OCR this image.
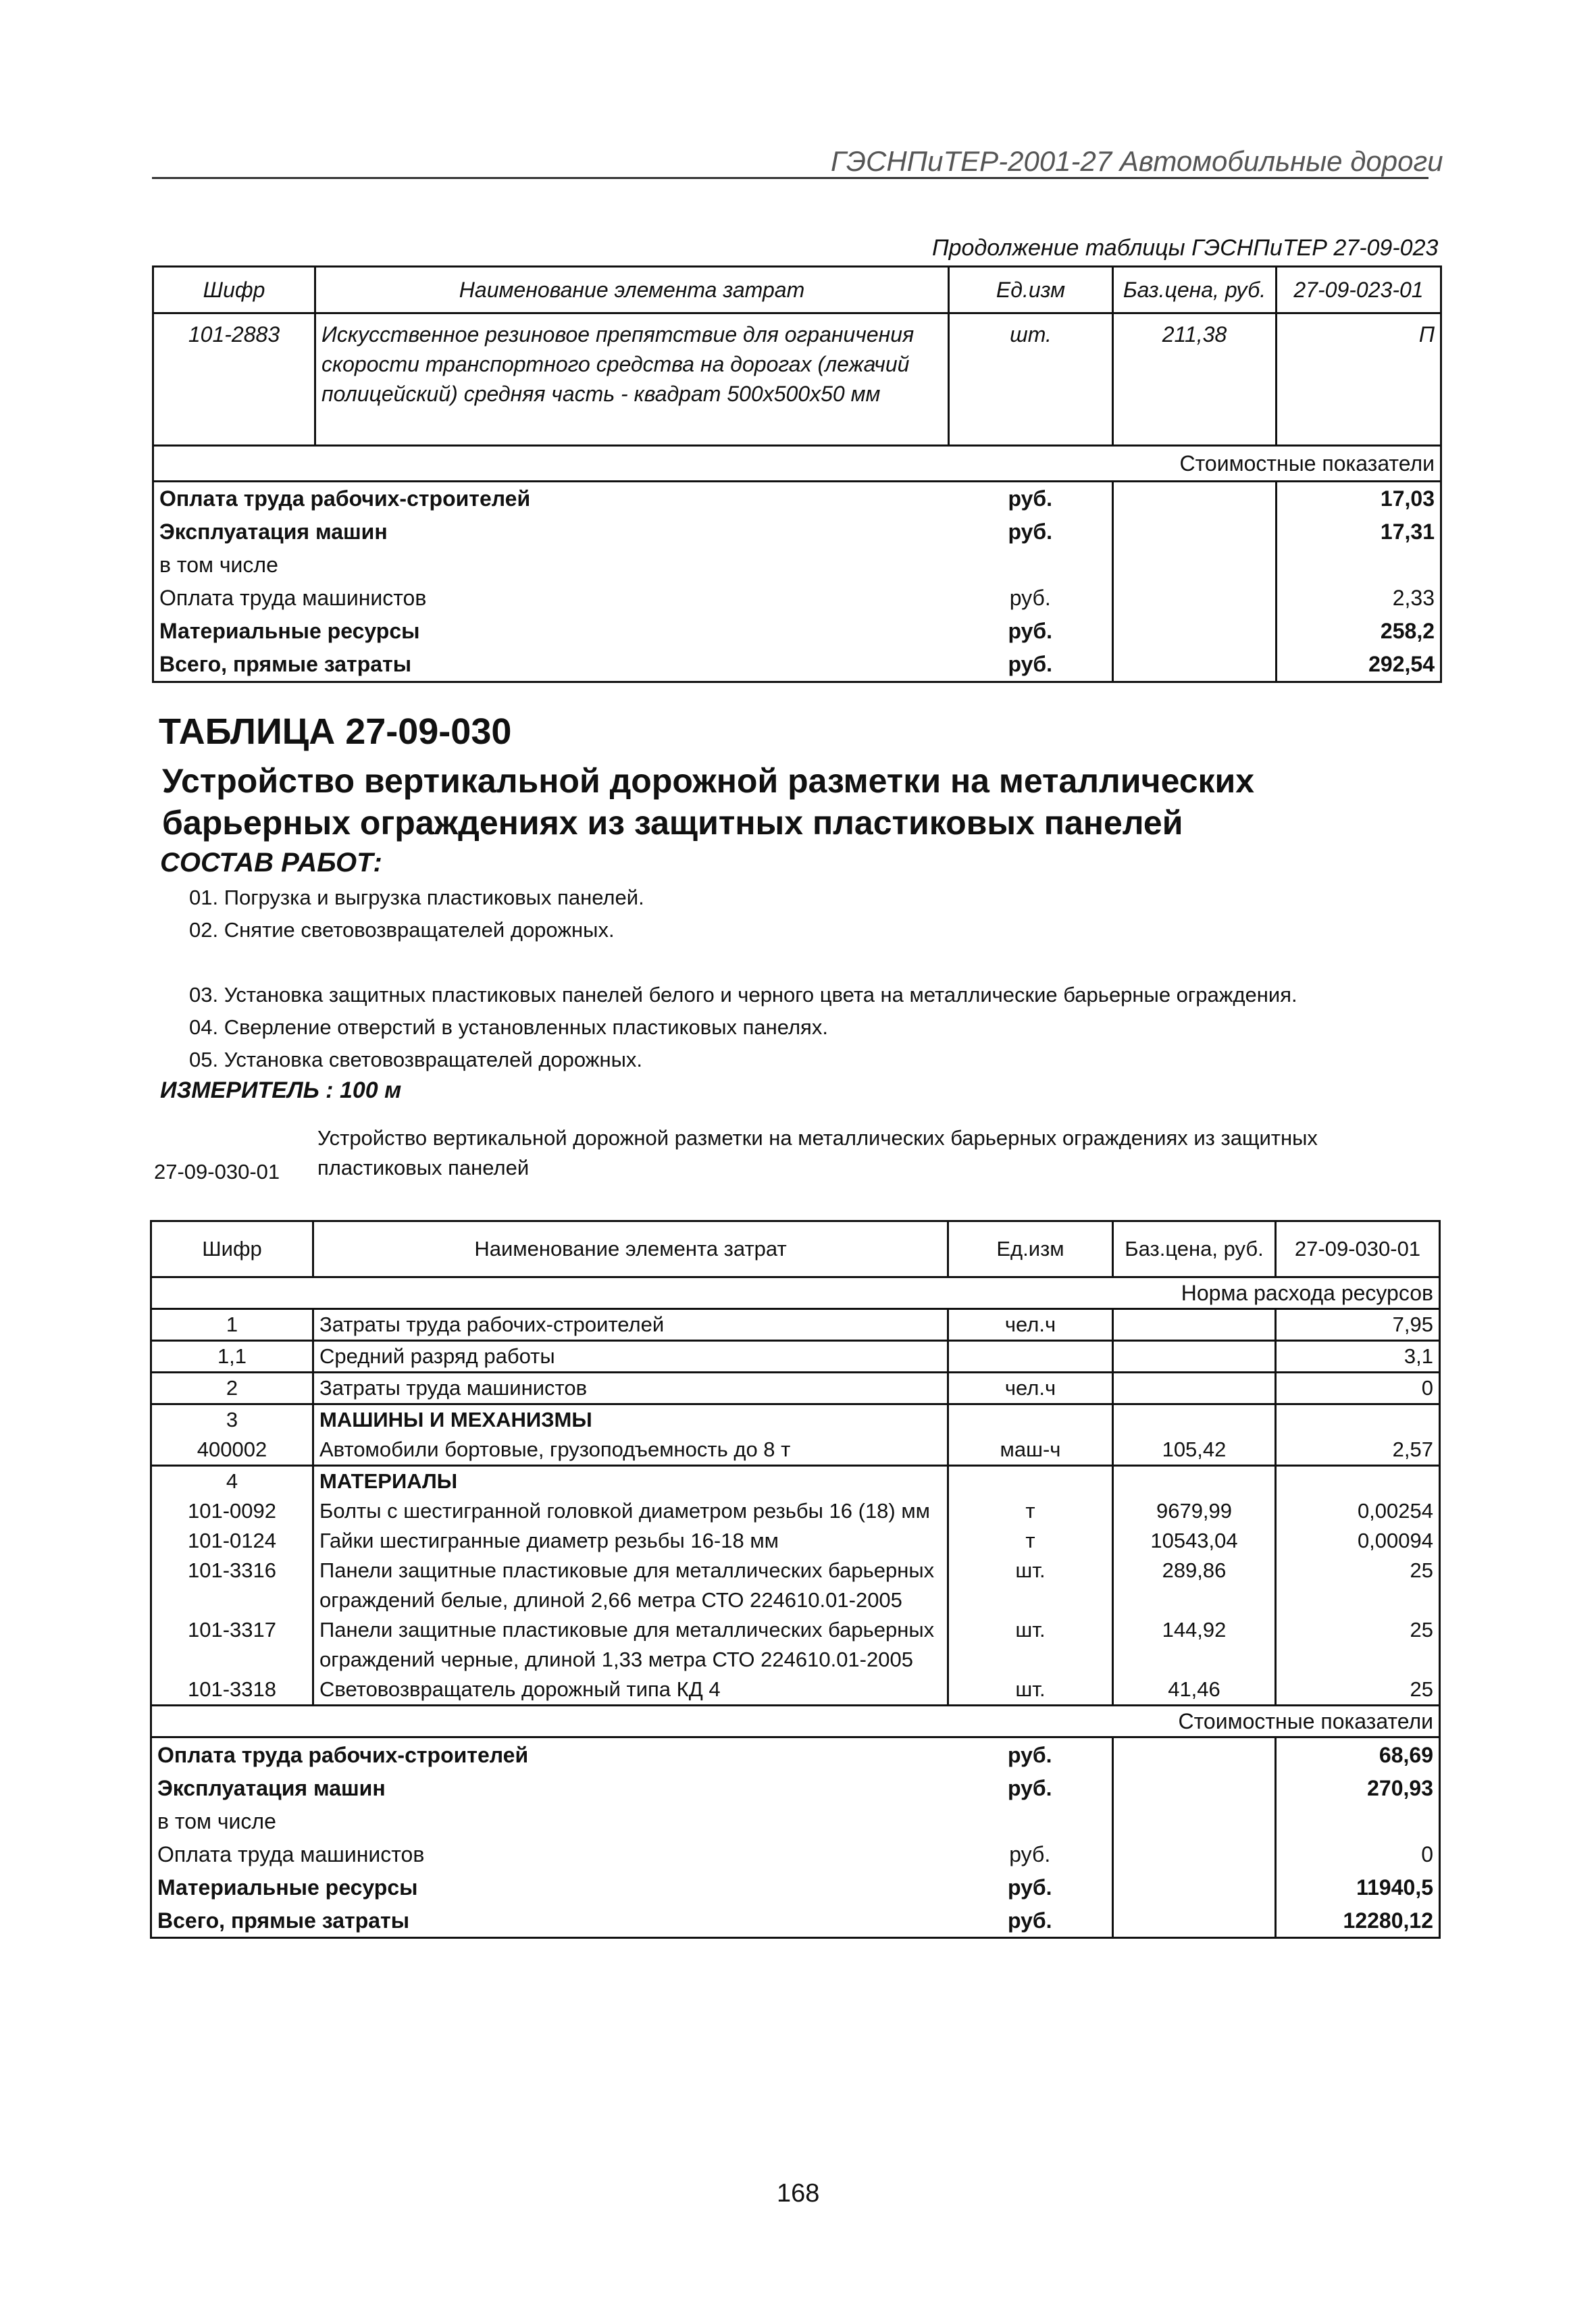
ГЭСНПиТЕР-2001-27 Автомобильные дороги
Продолжение таблицы ГЭСНПиТЕР 27-09-023
Шифр	Наименование элемента затрат	Ед.изм	Баз.цена, руб.	27-09-023-01
101-2883	Искусственное резиновое препятствие для ограничения скорости транспортного средства на дорогах (лежачий полицейский) средняя часть - квадрат 500х500х50 мм	шт.	211,38	П
Стоимостные показатели				
Оплата труда рабочих-строителей		руб.		17,03
Эксплуатация машин		руб.		17,31
в том числе				
Оплата труда машинистов		руб.		2,33
Материальные ресурсы		руб.		258,2
Всего, прямые затраты		руб.		292,54
ТАБЛИЦА 27-09-030
Устройство вертикальной дорожной разметки на металлических барьерных ограждениях из защитных пластиковых панелей
СОСТАВ РАБОТ:
01. Погрузка и выгрузка пластиковых панелей.
02. Снятие световозвращателей дорожных.
03. Установка защитных пластиковых панелей белого и черного цвета на металлические барьерные ограждения.
04. Сверление отверстий в установленных пластиковых панелях.
05. Установка световозвращателей дорожных.
ИЗМЕРИТЕЛЬ : 100 м
27-09-030-01
Устройство вертикальной дорожной разметки на металлических барьерных ограждениях из защитных пластиковых панелей
Шифр	Наименование элемента затрат	Ед.изм	Баз.цена, руб.	27-09-030-01
Норма расхода ресурсов				
1	Затраты труда рабочих-строителей	чел.ч		7,95
1,1	Средний разряд работы			3,1
2	Затраты труда машинистов	чел.ч		0
3	МАШИНЫ И МЕХАНИЗМЫ			
400002	Автомобили бортовые, грузоподъемность до 8 т	маш-ч	105,42	2,57
4	МАТЕРИАЛЫ			
101-0092	Болты с шестигранной головкой диаметром резьбы 16 (18) мм	т	9679,99	0,00254
101-0124	Гайки шестигранные диаметр резьбы 16-18 мм	т	10543,04	0,00094
101-3316	Панели защитные пластиковые для металлических барьерных ограждений белые, длиной 2,66 метра СТО 224610.01-2005	шт.	289,86	25
101-3317	Панели защитные пластиковые для металлических барьерных ограждений черные, длиной 1,33 метра СТО 224610.01-2005	шт.	144,92	25
101-3318	Световозвращатель дорожный типа КД 4	шт.	41,46	25
Стоимостные показатели				
Оплата труда рабочих-строителей		руб.		68,69
Эксплуатация машин		руб.		270,93
в том числе				
Оплата труда машинистов		руб.		0
Материальные ресурсы		руб.		11940,5
Всего, прямые затраты		руб.		12280,12
168
